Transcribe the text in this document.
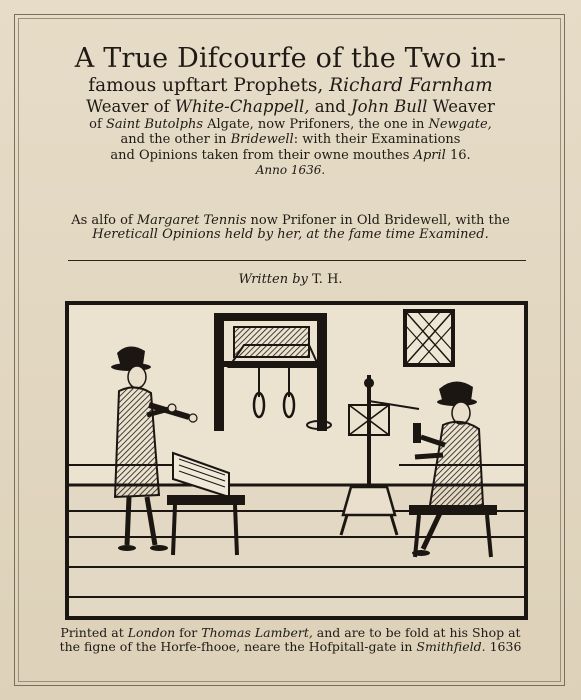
A True Difcourfe of the Two in-
famous upftart Prophets, Richard Farnham
Weaver of White-Chappell, and John Bull Weaver
of Saint Butolphs Algate, now Prifoners, the one in Newgate,
and the other in Bridewell: with their Examinations
and Opinions taken from their owne mouthes April 16.
Anno 1636.
As alfo of Margaret Tennis now Prifoner in Old Bridewell, with the
Hereticall Opinions held by her, at the fame time Examined.
Written by T. H.
Printed at London for Thomas Lambert, and are to be fold at his Shop at
the figne of the Horfe-fhooe, neare the Hofpitall-gate in Smithfield. 1636
